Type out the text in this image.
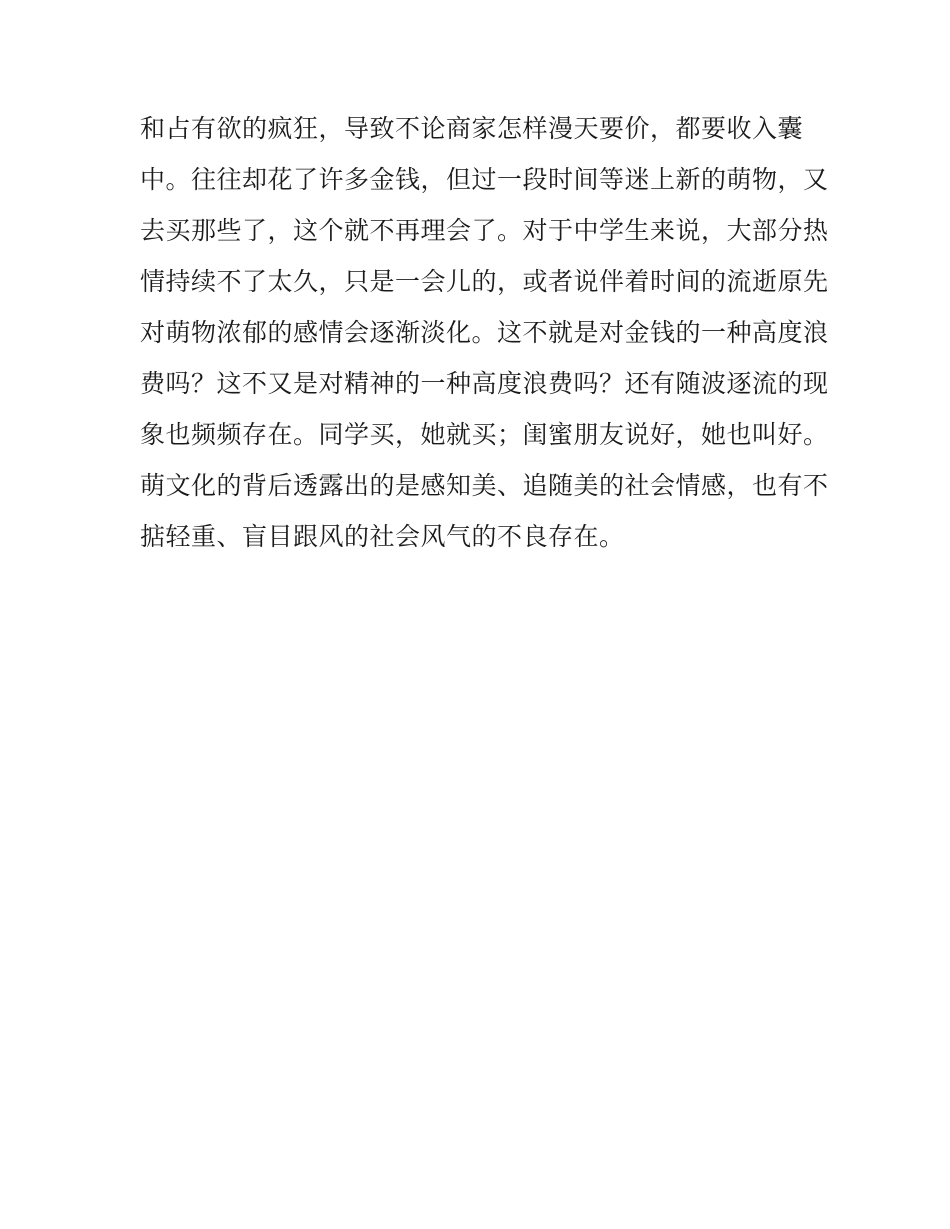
和占有欲的疯狂，导致不论商家怎样漫天要价，都要收入囊
中。往往却花了许多金钱，但过一段时间等迷上新的萌物，又
去买那些了，这个就不再理会了。对于中学生来说，大部分热
情持续不了太久，只是一会儿的，或者说伴着时间的流逝原先
对萌物浓郁的感情会逐渐淡化。这不就是对金钱的一种高度浪
费吗？这不又是对精神的一种高度浪费吗？还有随波逐流的现
象也频频存在。同学买，她就买；闺蜜朋友说好，她也叫好。
萌文化的背后透露出的是感知美、追随美的社会情感，也有不
掂轻重、盲目跟风的社会风气的不良存在。
